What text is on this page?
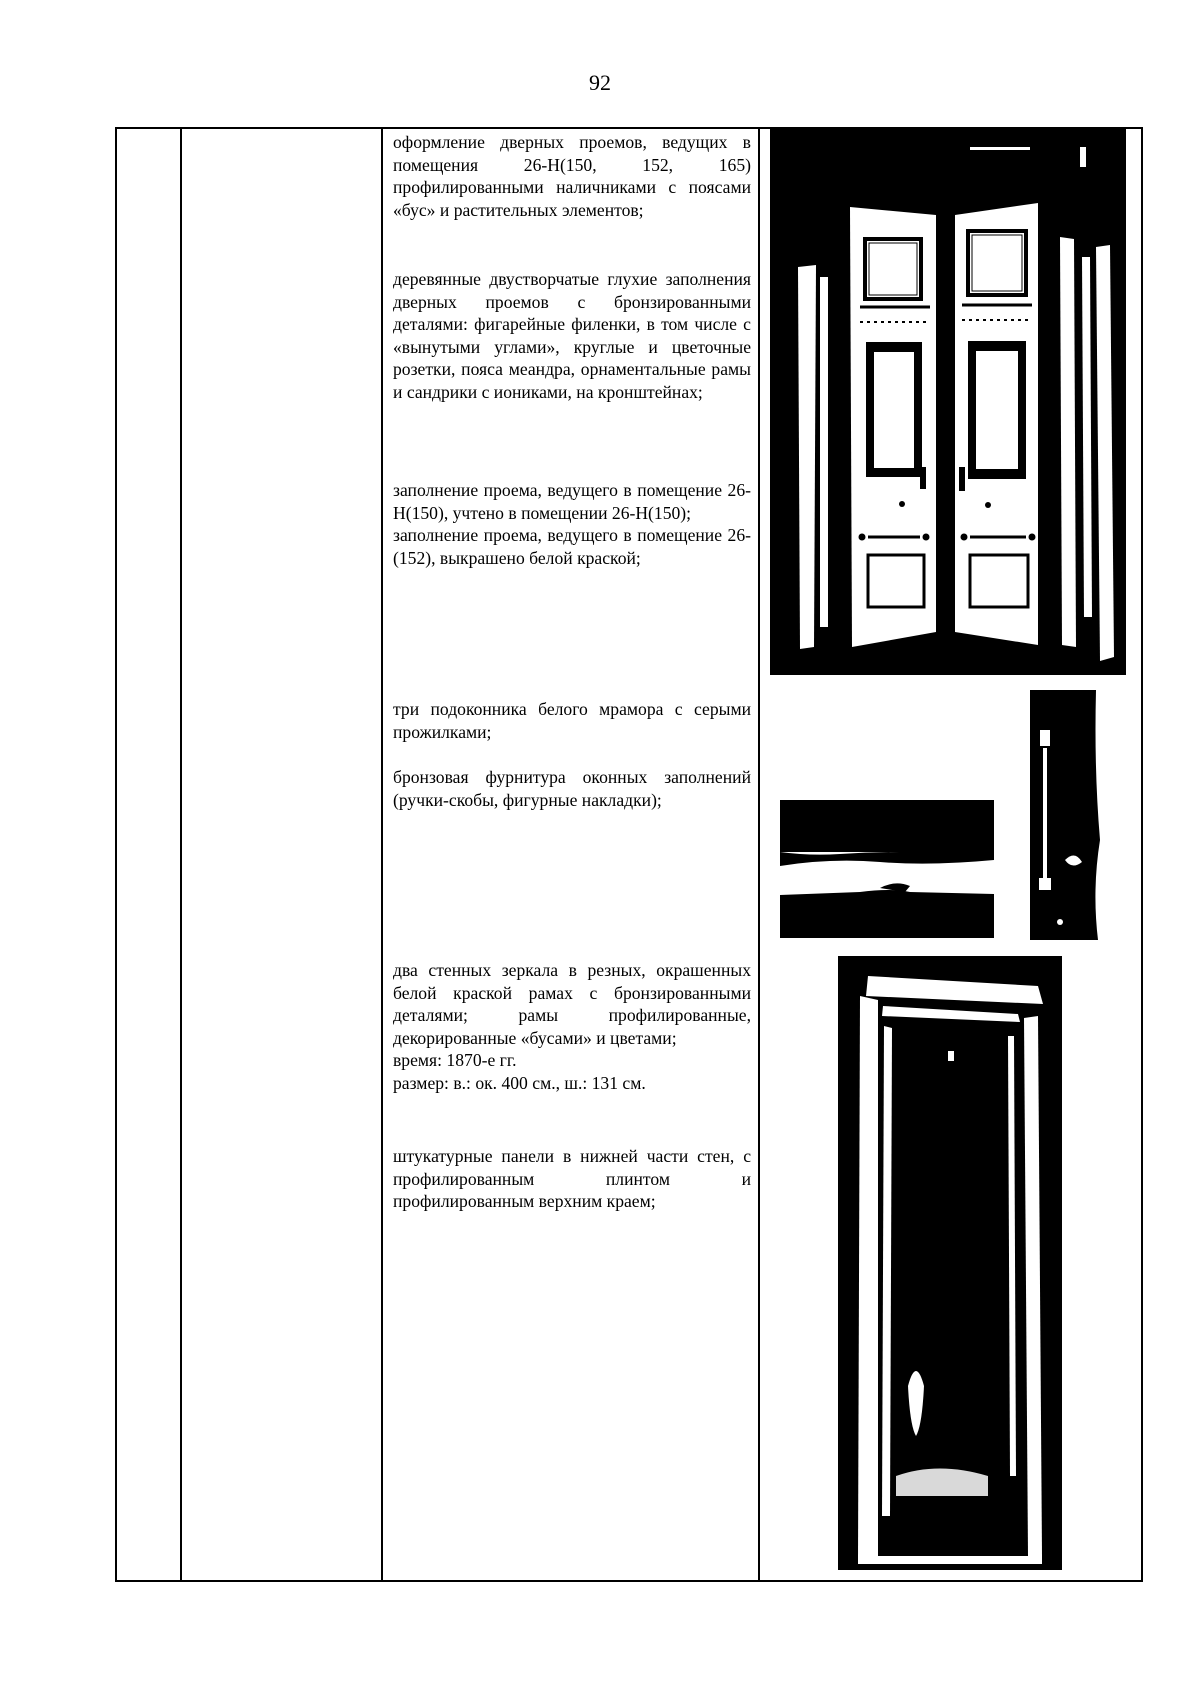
92

оформление дверных проемов, ведущих в помещения 26-Н(150, 152, 165) профилированными наличниками с поясами «бус» и растительных элементов;

деревянные двустворчатые глухие заполнения дверных проемов с бронзированными деталями: фигарейные филенки, в том числе с «вынутыми углами», круглые и цветочные розетки, пояса меандра, орнаментальные рамы и сандрики с иониками, на кронштейнах;

заполнение проема, ведущего в помещение 26-Н(150), учтено в помещении 26-Н(150);

заполнение проема, ведущего в помещение 26-(152), выкрашено белой краской;

три подоконника белого мрамора с серыми прожилками;

бронзовая фурнитура оконных заполнений (ручки-скобы, фигурные накладки);

два стенных зеркала в резных, окрашенных белой краской рамах с бронзированными деталями; рамы профилированные, декорированные «бусами» и цветами;

время: 1870-е гг.

размер: в.: ок. 400 см., ш.: 131 см.

штукатурные панели в нижней части стен, с профилированным плинтом и профилированным верхним краем;
